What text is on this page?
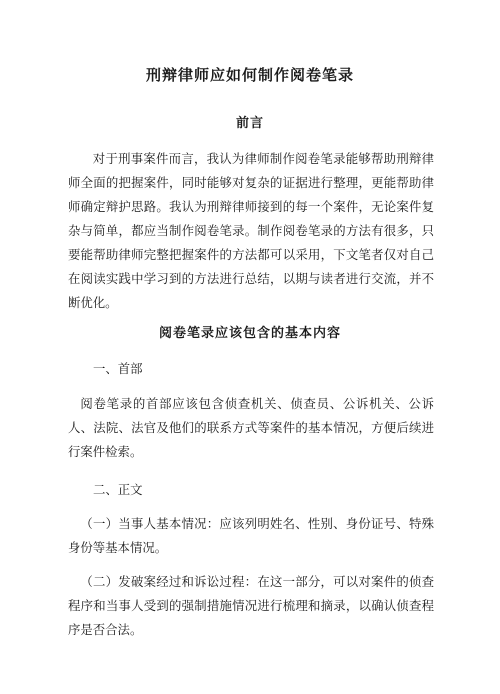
刑辩律师应如何制作阅卷笔录
前言

对于刑事案件而言，我认为律师制作阅卷笔录能够帮助刑辩律师全面的把握案件，同时能够对复杂的证据进行整理，更能帮助律师确定辩护思路。我认为刑辩律师接到的每一个案件，无论案件复杂与简单，都应当制作阅卷笔录。制作阅卷笔录的方法有很多，只要能帮助律师完整把握案件的方法都可以采用，下文笔者仅对自己在阅读实践中学习到的方法进行总结，以期与读者进行交流，并不断优化。

阅卷笔录应该包含的基本内容
一、首部

阅卷笔录的首部应该包含侦查机关、侦查员、公诉机关、公诉人、法院、法官及他们的联系方式等案件的基本情况，方便后续进行案件检索。

二、正文

（一）当事人基本情况：应该列明姓名、性别、身份证号、特殊身份等基本情况。

（二）发破案经过和诉讼过程：在这一部分，可以对案件的侦查程序和当事人受到的强制措施情况进行梳理和摘录，以确认侦查程序是否合法。
